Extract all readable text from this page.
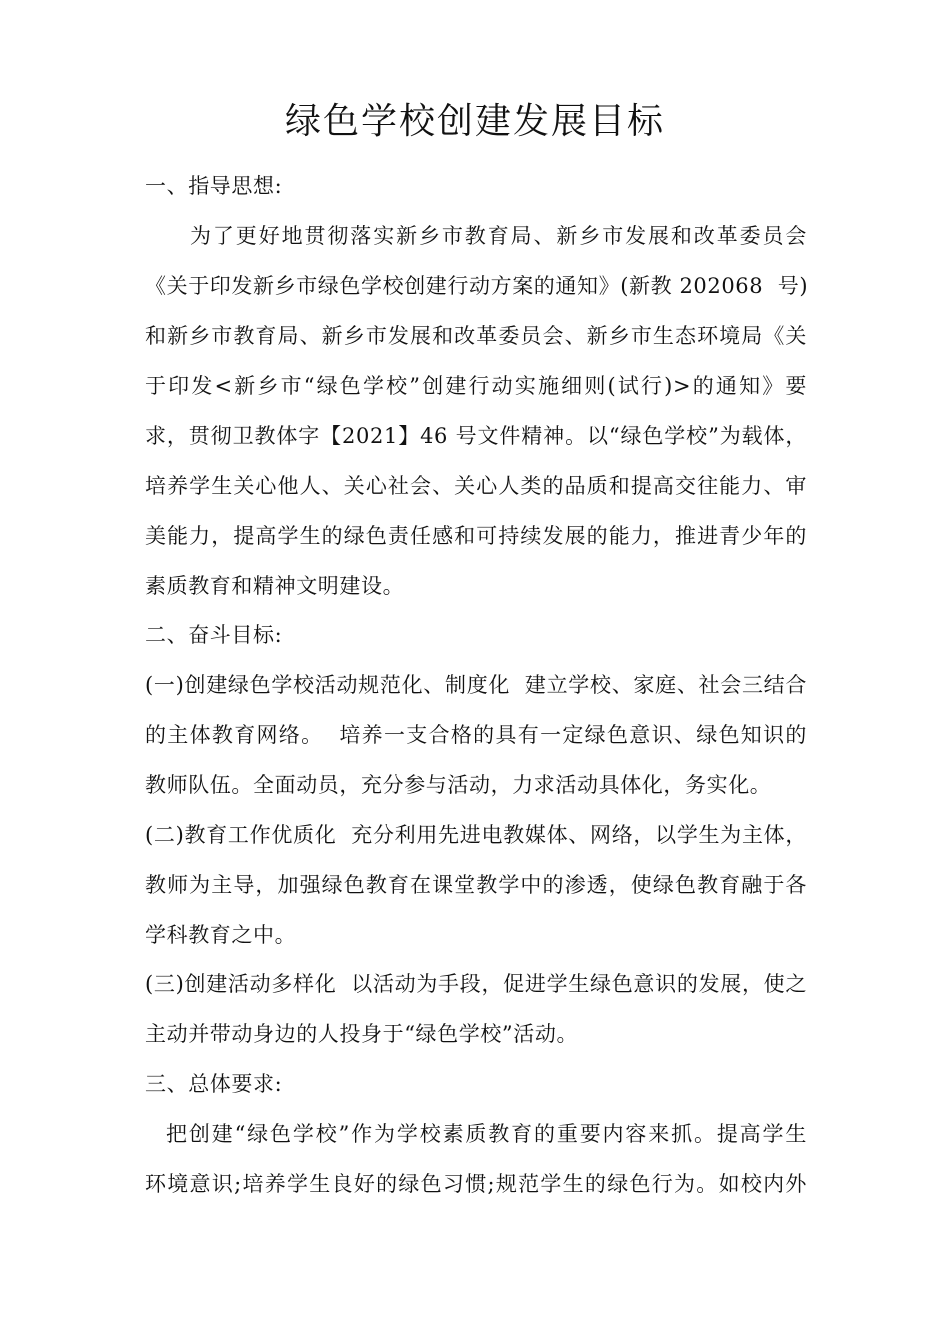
绿色学校创建发展目标
一、指导思想:
为了更好地贯彻落实新乡市教育局、新乡市发展和改革委员会
《关于印发新乡市绿色学校创建行动方案的通知》(新教 202068  号)
和新乡市教育局、新乡市发展和改革委员会、新乡市生态环境局《关
于印发<新乡市“绿色学校”创建行动实施细则(试行)>的通知》要
求，贯彻卫教体字【2021】46 号文件精神。以“绿色学校”为载体，
培养学生关心他人、关心社会、关心人类的品质和提高交往能力、审
美能力，提高学生的绿色责任感和可持续发展的能力，推进青少年的
素质教育和精神文明建设。
二、奋斗目标:
(一)创建绿色学校活动规范化、制度化  建立学校、家庭、社会三结合
的主体教育网络。  培养一支合格的具有一定绿色意识、绿色知识的
教师队伍。全面动员，充分参与活动，力求活动具体化，务实化。
(二)教育工作优质化  充分利用先进电教媒体、网络，以学生为主体，
教师为主导，加强绿色教育在课堂教学中的渗透，使绿色教育融于各
学科教育之中。
(三)创建活动多样化  以活动为手段，促进学生绿色意识的发展，使之
主动并带动身边的人投身于“绿色学校”活动。
三、总体要求:
把创建“绿色学校”作为学校素质教育的重要内容来抓。提高学生
环境意识;培养学生良好的绿色习惯;规范学生的绿色行为。如校内外
